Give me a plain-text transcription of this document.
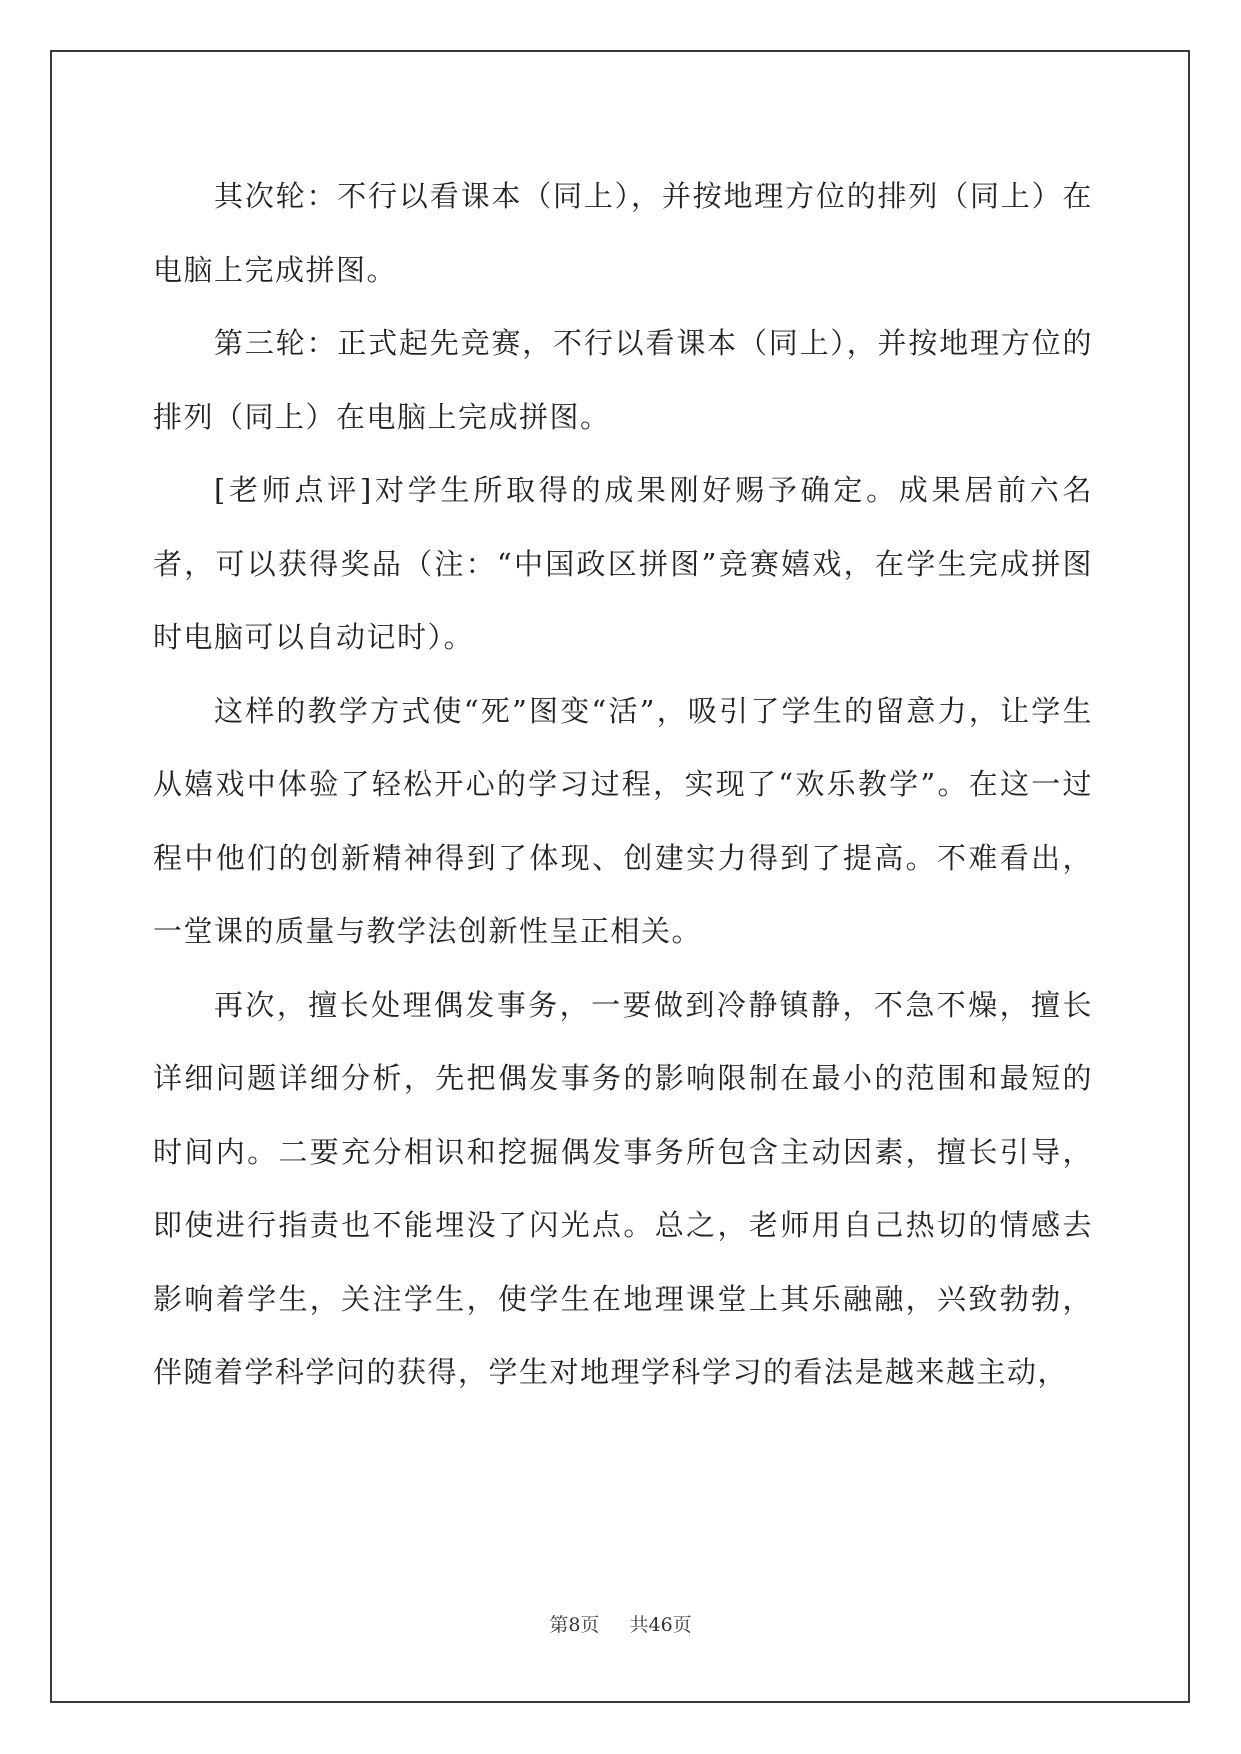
其次轮：不行以看课本（同上），并按地理方位的排列（同上）在电脑上完成拼图。

第三轮：正式起先竞赛，不行以看课本（同上），并按地理方位的排列（同上）在电脑上完成拼图。

[老师点评]对学生所取得的成果刚好赐予确定。成果居前六名者，可以获得奖品（注：“中国政区拼图”竞赛嬉戏，在学生完成拼图时电脑可以自动记时）。

这样的教学方式使“死”图变“活”，吸引了学生的留意力，让学生从嬉戏中体验了轻松开心的学习过程，实现了“欢乐教学”。在这一过程中他们的创新精神得到了体现、创建实力得到了提高。不难看出，一堂课的质量与教学法创新性呈正相关。

再次，擅长处理偶发事务，一要做到冷静镇静，不急不燥，擅长详细问题详细分析，先把偶发事务的影响限制在最小的范围和最短的时间内。二要充分相识和挖掘偶发事务所包含主动因素，擅长引导，即使进行指责也不能埋没了闪光点。总之，老师用自己热切的情感去影响着学生，关注学生，使学生在地理课堂上其乐融融，兴致勃勃，伴随着学科学问的获得，学生对地理学科学习的看法是越来越主动，

第8页 共46页
